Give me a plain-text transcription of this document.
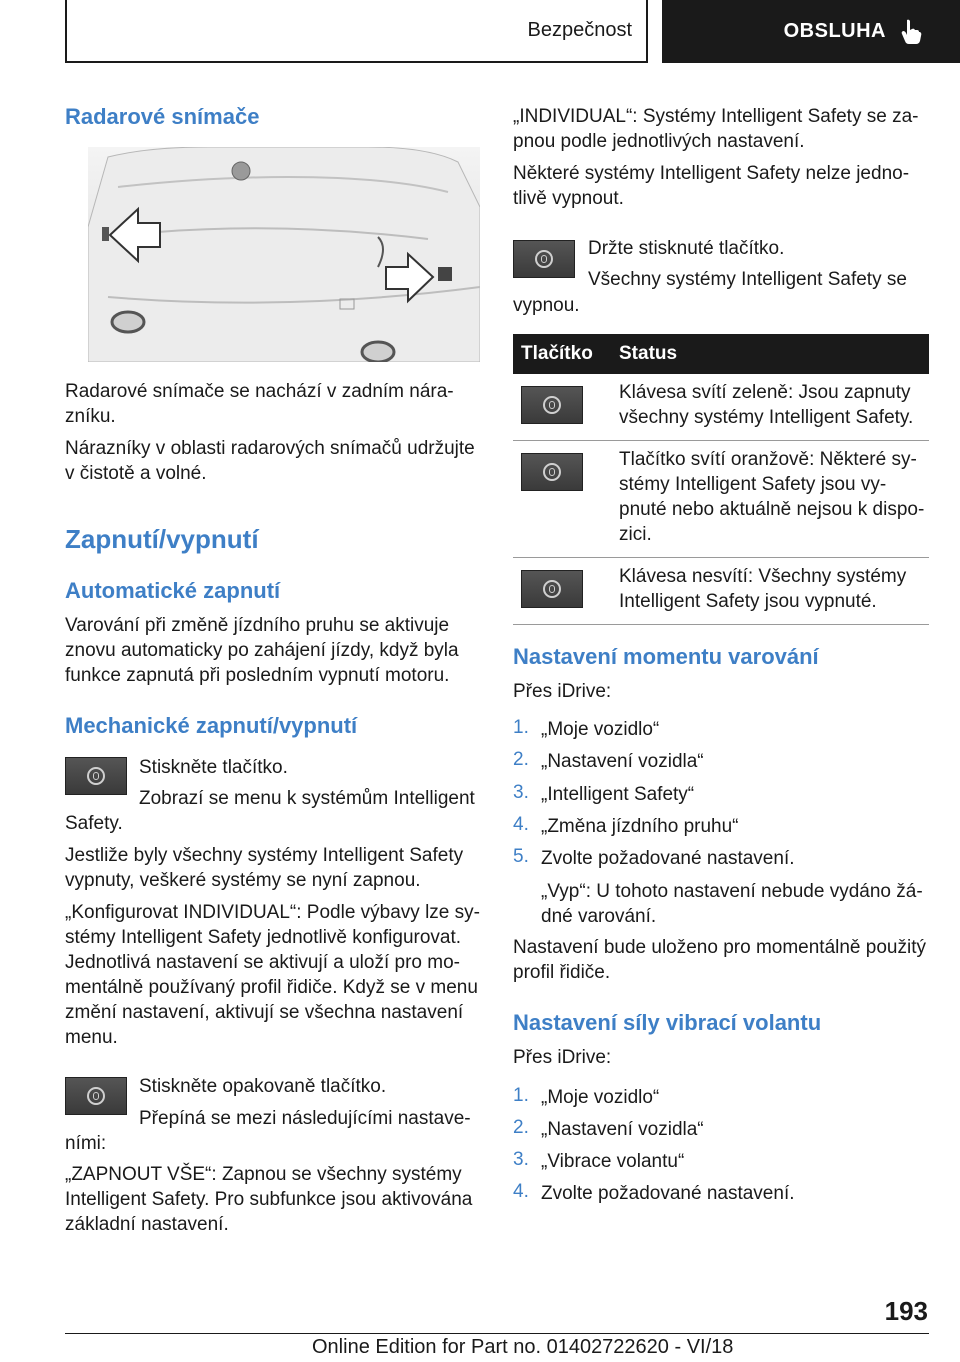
Bezpečnost	OBSLUHA
Radarové snímače

Radarové snímače se nachází v zadním nára-
zníku.

Nárazníky v oblasti radarových snímačů udržujte
v čistotě a volné.

Zapnutí/vypnutí
Automatické zapnutí

Varování při změně jízdního pruhu se aktivuje
znovu automaticky po zahájení jízdy, když byla
funkce zapnutá při posledním vypnutí motoru.

Mechanické zapnutí/vypnutí

Stiskněte tlačítko.

Zobrazí se menu k systémům Intelligent

Safety.

Jestliže byly všechny systémy Intelligent Safety
vypnuty, veškeré systémy se nyní zapnou.

„Konfigurovat INDIVIDUAL“: Podle výbavy lze sy-
stémy Intelligent Safety jednotlivě konfigurovat.
Jednotlivá nastavení se aktivují a uloží pro mo-
mentálně používaný profil řidiče. Když se v menu
změní nastavení, aktivují se všechna nastavení
menu.

Stiskněte opakovaně tlačítko.

Přepíná se mezi následujícími nastave-

ními:

„ZAPNOUT VŠE“: Zapnou se všechny systémy
Intelligent Safety. Pro subfunkce jsou aktivována
základní nastavení.

„INDIVIDUAL“: Systémy Intelligent Safety se za-
pnou podle jednotlivých nastavení.

Některé systémy Intelligent Safety nelze jedno-
tlivě vypnout.

Držte stisknuté tlačítko.

Všechny systémy Intelligent Safety se

vypnou.

Tlačítko	Status

	Klávesa svítí zeleně: Jsou zapnuty
všechny systémy Intelligent Safety.

	Tlačítko svítí oranžově: Některé sy-
stémy Intelligent Safety jsou vy-
pnuté nebo aktuálně nejsou k dispo-
zici.

	Klávesa nesvítí: Všechny systémy
Intelligent Safety jsou vypnuté.
Nastavení momentu varování

Přes iDrive:

1. „Moje vozidlo“
2. „Nastavení vozidla“
3. „Intelligent Safety“
4. „Změna jízdního pruhu“
5. Zvolte požadované nastavení.

„Vyp“: U tohoto nastavení nebude vydáno žá-
dné varování.

Nastavení bude uloženo pro momentálně použitý
profil řidiče.

Nastavení síly vibrací volantu

Přes iDrive:

1. „Moje vozidlo“
2. „Nastavení vozidla“
3. „Vibrace volantu“
4. Zvolte požadované nastavení.
193
Online Edition for Part no. 01402722620 - VI/18
